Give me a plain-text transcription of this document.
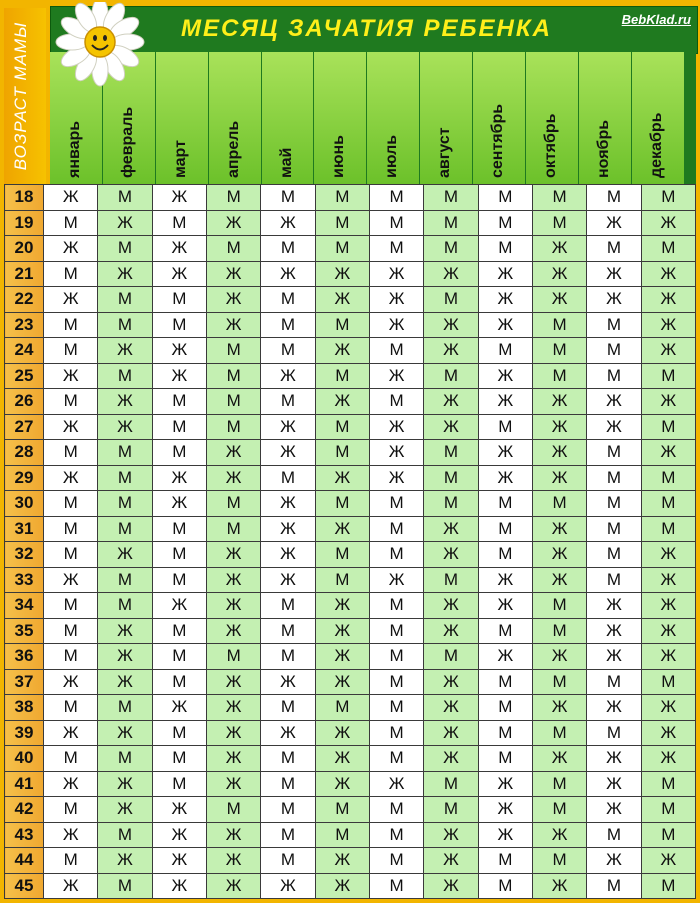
ВОЗРАСТ МАМЫ	МЕСЯЦ ЗАЧАТИЯ РЕБЕНКА	BebKlad.ru
январь февраль март апрель май июнь июль август сентябрь октябрь ноябрь декабрь
18	Ж	М	Ж	М	М	М	М	М	М	М	М	М
19	М	Ж	М	Ж	Ж	М	М	М	М	М	Ж	Ж
20	Ж	М	Ж	М	М	М	М	М	М	Ж	М	М
21	М	Ж	Ж	Ж	Ж	Ж	Ж	Ж	Ж	Ж	Ж	Ж
22	Ж	М	М	Ж	М	Ж	Ж	М	Ж	Ж	Ж	Ж
23	М	М	М	Ж	М	М	Ж	Ж	Ж	М	М	Ж
24	М	Ж	Ж	М	М	Ж	М	Ж	М	М	М	Ж
25	Ж	М	Ж	М	Ж	М	Ж	М	Ж	М	М	М
26	М	Ж	М	М	М	Ж	М	Ж	Ж	Ж	Ж	Ж
27	Ж	Ж	М	М	Ж	М	Ж	Ж	М	Ж	Ж	М
28	М	М	М	Ж	Ж	М	Ж	М	Ж	Ж	М	Ж
29	Ж	М	Ж	Ж	М	Ж	Ж	М	Ж	Ж	М	М
30	М	М	Ж	М	Ж	М	М	М	М	М	М	М
31	М	М	М	М	Ж	Ж	М	Ж	М	Ж	М	М
32	М	Ж	М	Ж	Ж	М	М	Ж	М	Ж	М	Ж
33	Ж	М	М	Ж	Ж	М	Ж	М	Ж	Ж	М	Ж
34	М	М	Ж	Ж	М	Ж	М	Ж	Ж	М	Ж	Ж
35	М	Ж	М	Ж	М	Ж	М	Ж	М	М	Ж	Ж
36	М	Ж	М	М	М	Ж	М	М	Ж	Ж	Ж	Ж
37	Ж	Ж	М	Ж	Ж	Ж	М	Ж	М	М	М	М
38	М	М	Ж	Ж	М	М	М	Ж	М	Ж	Ж	Ж
39	Ж	Ж	М	Ж	Ж	Ж	М	Ж	М	М	М	Ж
40	М	М	М	Ж	М	Ж	М	Ж	М	Ж	Ж	Ж
41	Ж	Ж	М	Ж	М	Ж	Ж	М	Ж	М	Ж	М
42	М	Ж	Ж	М	М	М	М	М	Ж	М	Ж	М
43	Ж	М	Ж	Ж	М	М	М	Ж	Ж	Ж	М	М
44	М	Ж	Ж	Ж	М	Ж	М	Ж	М	М	Ж	Ж
45	Ж	М	Ж	Ж	Ж	Ж	М	Ж	М	Ж	М	М
